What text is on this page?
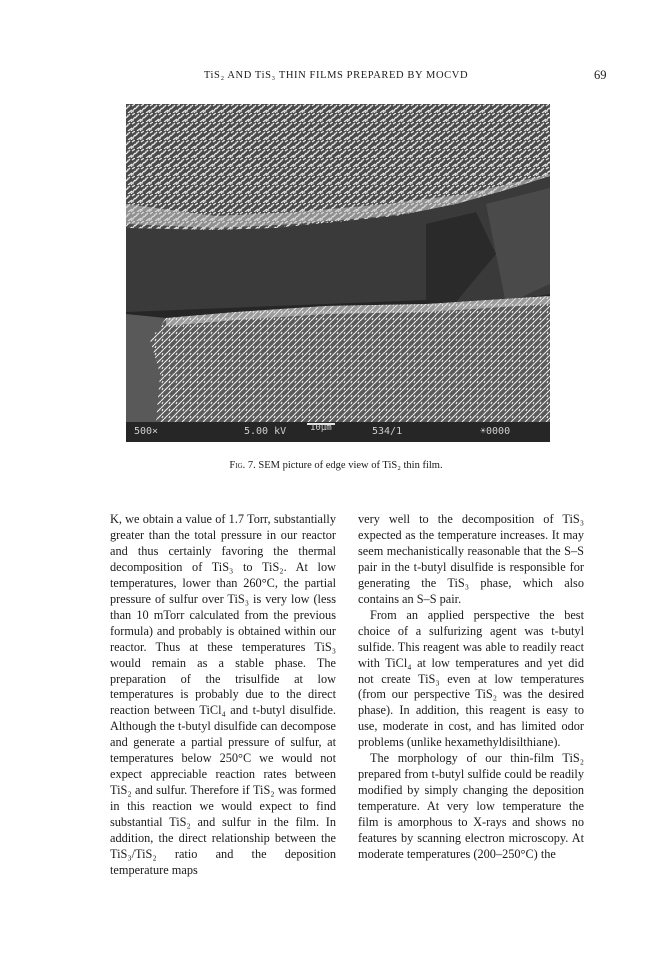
TiS₂ AND TiS₃ THIN FILMS PREPARED BY MOCVD	69
500×	5.00 kV	10µm	534/1	☀0000
Fig. 7. SEM picture of edge view of TiS₂ thin film.

K, we obtain a value of 1.7 Torr, substantially greater than the total pressure in our reactor and thus certainly favoring the thermal decomposition of TiS₃ to TiS₂. At low temperatures, lower than 260°C, the partial pressure of sulfur over TiS₃ is very low (less than 10 mTorr calculated from the previous formula) and probably is obtained within our reactor. Thus at these temperatures TiS₃ would remain as a stable phase. The preparation of the trisulfide at low temperatures is probably due to the direct reaction between TiCl₄ and t-butyl disulfide. Although the t-butyl disulfide can decompose and generate a partial pressure of sulfur, at temperatures below 250°C we would not expect appreciable reaction rates between TiS₂ and sulfur. Therefore if TiS₂ was formed in this reaction we would expect to find substantial TiS₂ and sulfur in the film. In addition, the direct relationship between the TiS₃/TiS₂ ratio and the deposition temperature maps

very well to the decomposition of TiS₃ expected as the temperature increases. It may seem mechanistically reasonable that the S–S pair in the t-butyl disulfide is responsible for generating the TiS₃ phase, which also contains an S–S pair.

From an applied perspective the best choice of a sulfurizing agent was t-butyl sulfide. This reagent was able to readily react with TiCl₄ at low temperatures and yet did not create TiS₃ even at low temperatures (from our perspective TiS₂ was the desired phase). In addition, this reagent is easy to use, moderate in cost, and has limited odor problems (unlike hexamethyldisilthiane).

The morphology of our thin-film TiS₂ prepared from t-butyl sulfide could be readily modified by simply changing the deposition temperature. At very low temperature the film is amorphous to X-rays and shows no features by scanning electron microscopy. At moderate temperatures (200–250°C) the
